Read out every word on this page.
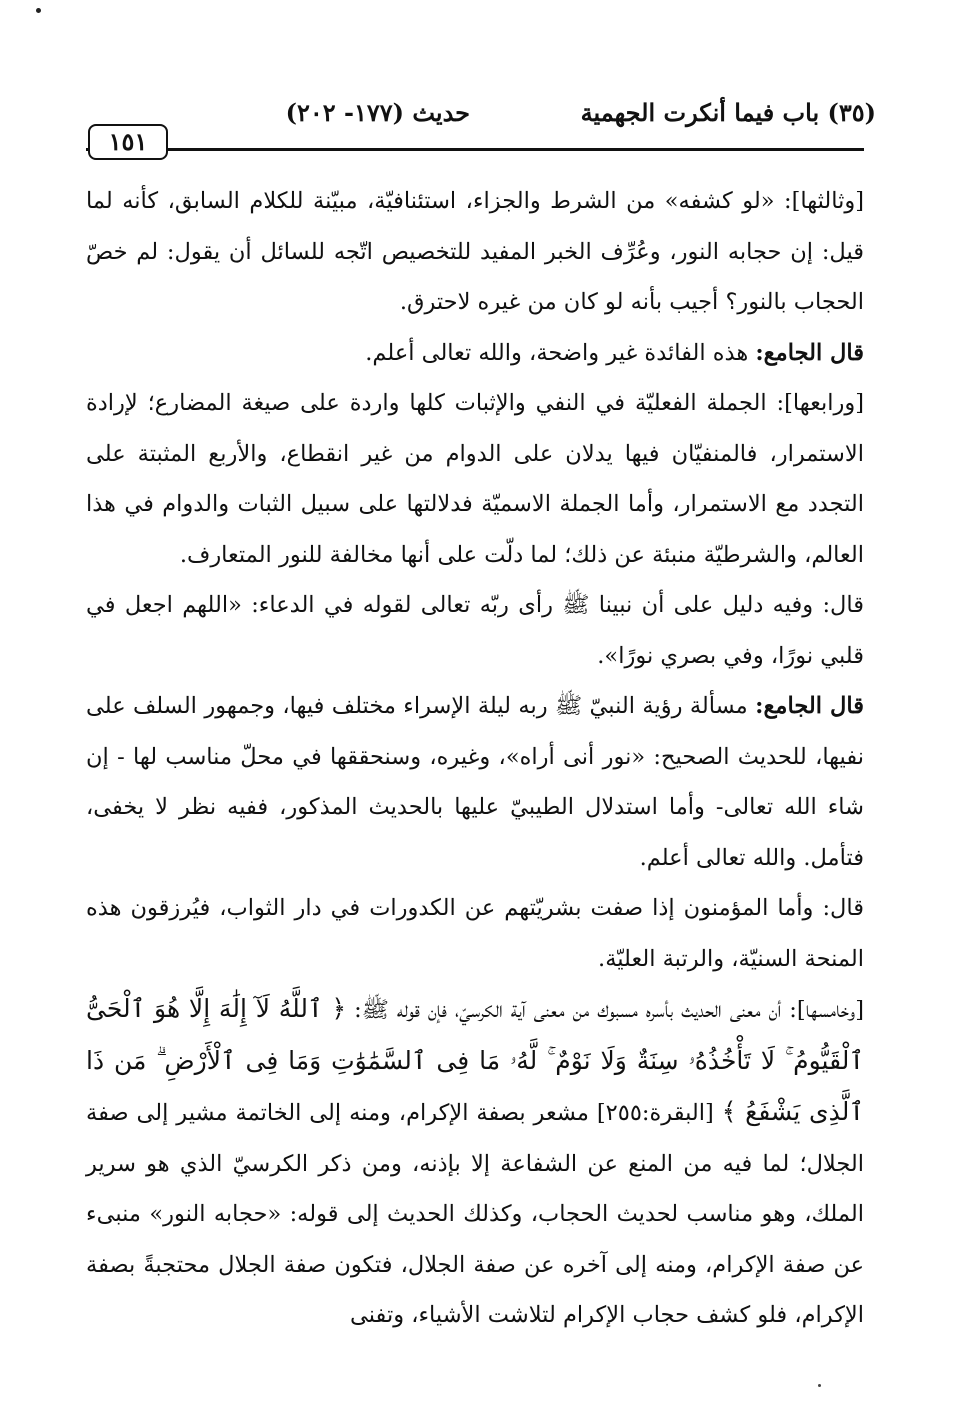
(٣٥) باب فيما أنكرت الجهمية
حديث (١٧٧- ٢٠٢)
١٥١

[وثالثها]: «لو كشفه» من الشرط والجزاء، استئنافيّة، مبيّنة للكلام السابق، كأنه لما قيل: إن حجابه النور، وعُرِّف الخبر المفيد للتخصيص اتّجه للسائل أن يقول: لم خصّ الحجاب بالنور؟ أجيب بأنه لو كان من غيره لاحترق.

قال الجامع: هذه الفائدة غير واضحة، والله تعالى أعلم.

[ورابعها]: الجملة الفعليّة في النفي والإثبات كلها واردة على صيغة المضارع؛ لإرادة الاستمرار، فالمنفيّان فيها يدلان على الدوام من غير انقطاع، والأربع المثبتة على التجدد مع الاستمرار، وأما الجملة الاسميّة فدلالتها على سبيل الثبات والدوام في هذا العالم، والشرطيّة منبئة عن ذلك؛ لما دلّت على أنها مخالفة للنور المتعارف.

قال: وفيه دليل على أن نبينا ﷺ رأى ربّه تعالى لقوله في الدعاء: «اللهم اجعل في قلبي نورًا، وفي بصري نورًا».

قال الجامع: مسألة رؤية النبيّ ﷺ ربه ليلة الإسراء مختلف فيها، وجمهور السلف على نفيها، للحديث الصحيح: «نور أنى أراه»، وغيره، وسنحققها في محلّ مناسب لها - إن شاء الله تعالى- وأما استدلال الطيبيّ عليها بالحديث المذكور، ففيه نظر لا يخفى، فتأمل. والله تعالى أعلم.

قال: وأما المؤمنون إذا صفت بشريّتهم عن الكدورات في دار الثواب، فيُرزقون هذه المنحة السنيّة، والرتبة العليّة.

[وخامسها]: أن معنى الحديث بأسره مسبوك من معنى آية الكرسيّ، فإن قوله ﷺ: ﴿ ٱللَّهُ لَآ إِلَٰهَ إِلَّا هُوَ ٱلْحَىُّ ٱلْقَيُّومُ ۚ لَا تَأْخُذُهُۥ سِنَةٌ وَلَا نَوْمٌ ۚ لَّهُۥ مَا فِى ٱلسَّمَٰوَٰتِ وَمَا فِى ٱلْأَرْضِ ۗ مَن ذَا ٱلَّذِى يَشْفَعُ ﴾ [البقرة:٢٥٥] مشعر بصفة الإكرام، ومنه إلى الخاتمة مشير إلى صفة الجلال؛ لما فيه من المنع عن الشفاعة إلا بإذنه، ومن ذكر الكرسيّ الذي هو سرير الملك، وهو مناسب لحديث الحجاب، وكذلك الحديث إلى قوله: «حجابه النور» منبىء عن صفة الإكرام، ومنه إلى آخره عن صفة الجلال، فتكون صفة الجلال محتجبةً بصفة الإكرام، فلو كشف حجاب الإكرام لتلاشت الأشياء، وتفنى
